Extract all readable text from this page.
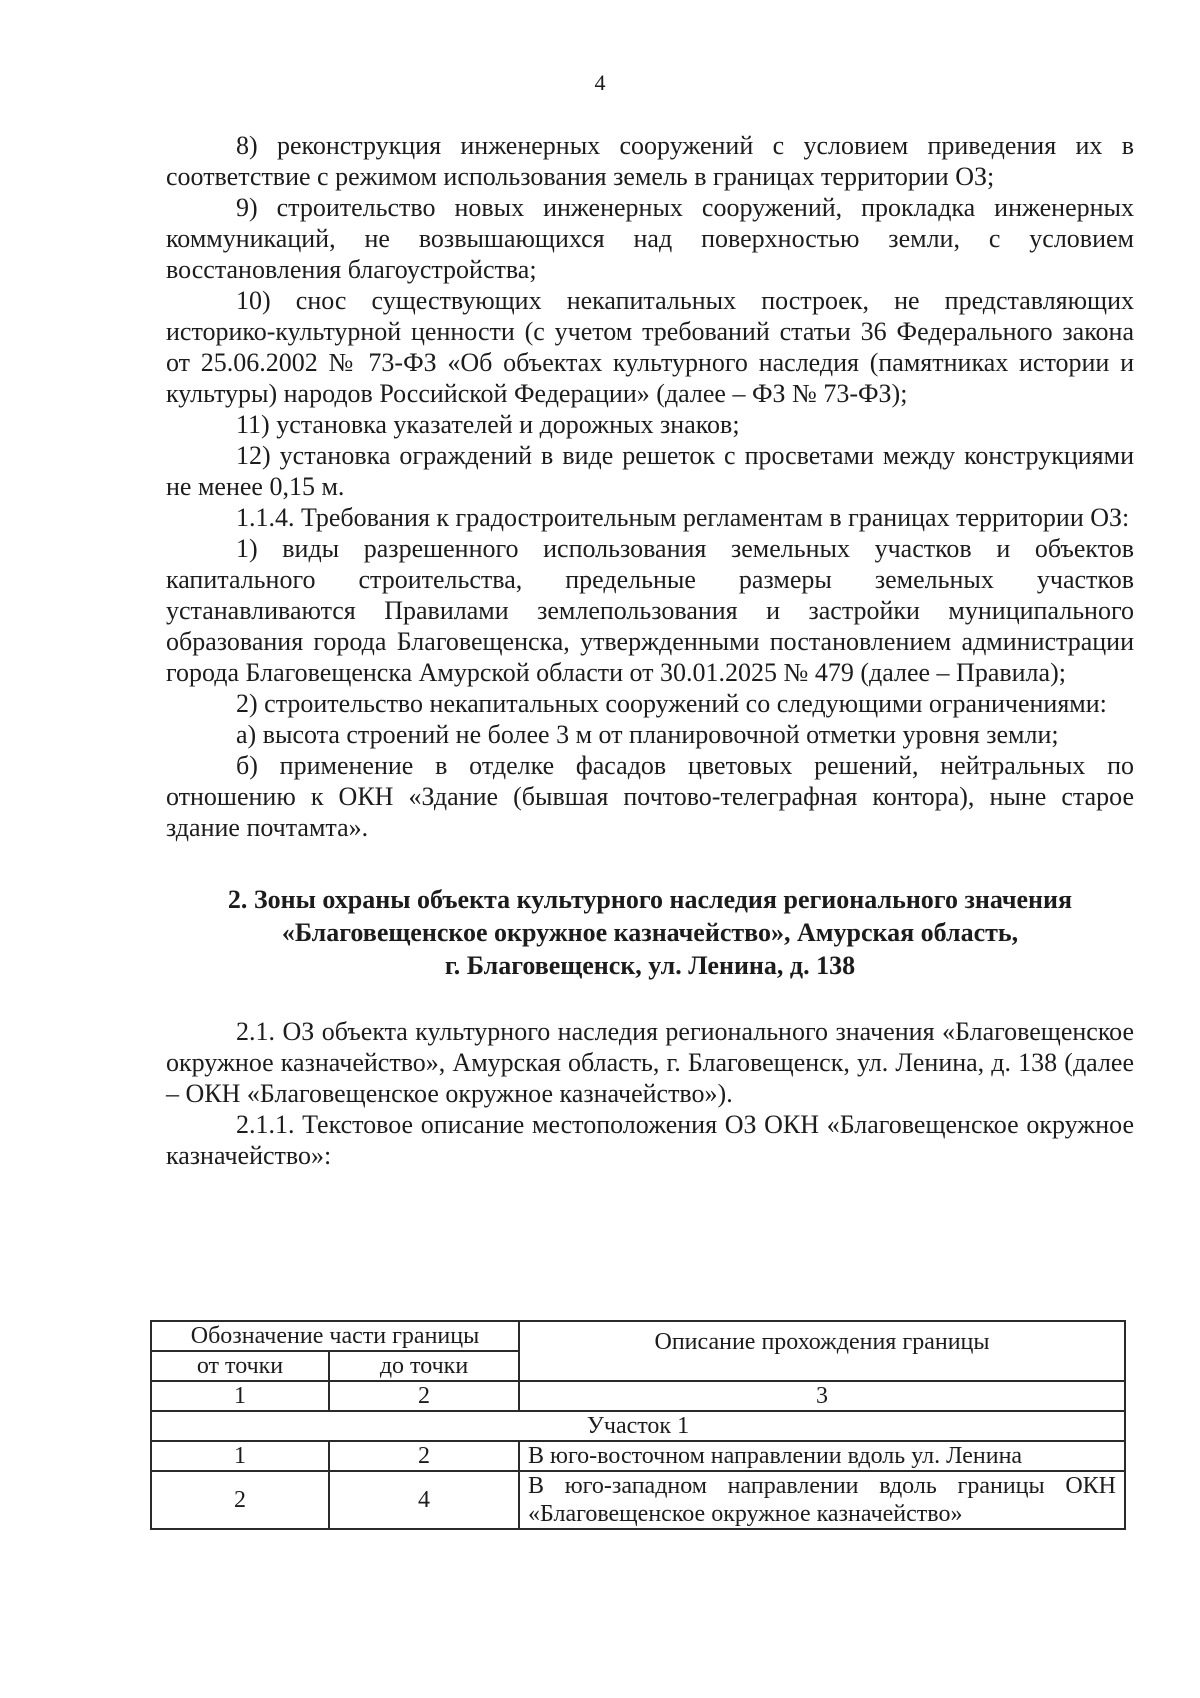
4

8) реконструкция инженерных сооружений с условием приведения их в соответствие с режимом использования земель в границах территории ОЗ;

9) строительство новых инженерных сооружений, прокладка инженерных коммуникаций, не возвышающихся над поверхностью земли, с условием восстановления благоустройства;

10) снос существующих некапитальных построек, не представляющих историко-культурной ценности (с учетом требований статьи 36 Федерального закона от 25.06.2002 № 73-ФЗ «Об объектах культурного наследия (памятниках истории и культуры) народов Российской Федерации» (далее – ФЗ № 73-ФЗ);

11) установка указателей и дорожных знаков;

12) установка ограждений в виде решеток с просветами между конструкциями не менее 0,15 м.

1.1.4. Требования к градостроительным регламентам в границах территории ОЗ:

1) виды разрешенного использования земельных участков и объектов капитального строительства, предельные размеры земельных участков устанавливаются Правилами землепользования и застройки муниципального образования города Благовещенска, утвержденными постановлением администрации города Благовещенска Амурской области от 30.01.2025 № 479 (далее – Правила);

2) строительство некапитальных сооружений со следующими ограничениями:

а) высота строений не более 3 м от планировочной отметки уровня земли;

б) применение в отделке фасадов цветовых решений, нейтральных по отношению к ОКН «Здание (бывшая почтово-телеграфная контора), ныне старое здание почтамта».

2. Зоны охраны объекта культурного наследия регионального значения
«Благовещенское окружное казначейство», Амурская область,
г. Благовещенск, ул. Ленина, д. 138

2.1. ОЗ объекта культурного наследия регионального значения «Благовещенское окружное казначейство», Амурская область, г. Благовещенск, ул. Ленина, д. 138 (далее – ОКН «Благовещенское окружное казначейство»).

2.1.1. Текстовое описание местоположения ОЗ ОКН «Благовещенское окружное казначейство»:

Обозначение части границы		Описание прохождения границы
от точки	до точки	
1	2	3
Участок 1		
1	2	В юго-восточном направлении вдоль ул. Ленина
2	4	В юго-западном направлении вдоль границы ОКН «Благовещенское окружное казначейство»
